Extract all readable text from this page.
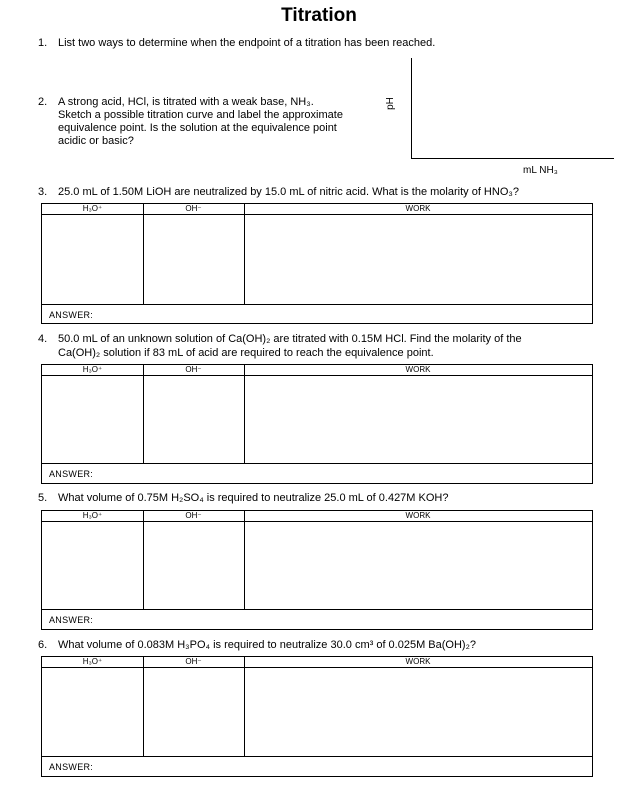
Titration
1. List two ways to determine when the endpoint of a titration has been reached.
2. A strong acid, HCl, is titrated with a weak base, NH₃.
Sketch a possible titration curve and label the approximate
equivalence point. Is the solution at the equivalence point
acidic or basic?
pH
mL NH₃
3. 25.0 mL of 1.50M LiOH are neutralized by 15.0 mL of nitric acid. What is the molarity of HNO₃?
H₃O⁺	OH⁻	WORK
ANSWER:
4. 50.0 mL of an unknown solution of Ca(OH)₂ are titrated with 0.15M HCl. Find the molarity of the
Ca(OH)₂ solution if 83 mL of acid are required to reach the equivalence point.
H₃O⁺	OH⁻	WORK
ANSWER:
5. What volume of 0.75M H₂SO₄ is required to neutralize 25.0 mL of 0.427M KOH?
H₃O⁺	OH⁻	WORK
ANSWER:
6. What volume of 0.083M H₃PO₄ is required to neutralize 30.0 cm³ of 0.025M Ba(OH)₂?
H₃O⁺	OH⁻	WORK
ANSWER:
